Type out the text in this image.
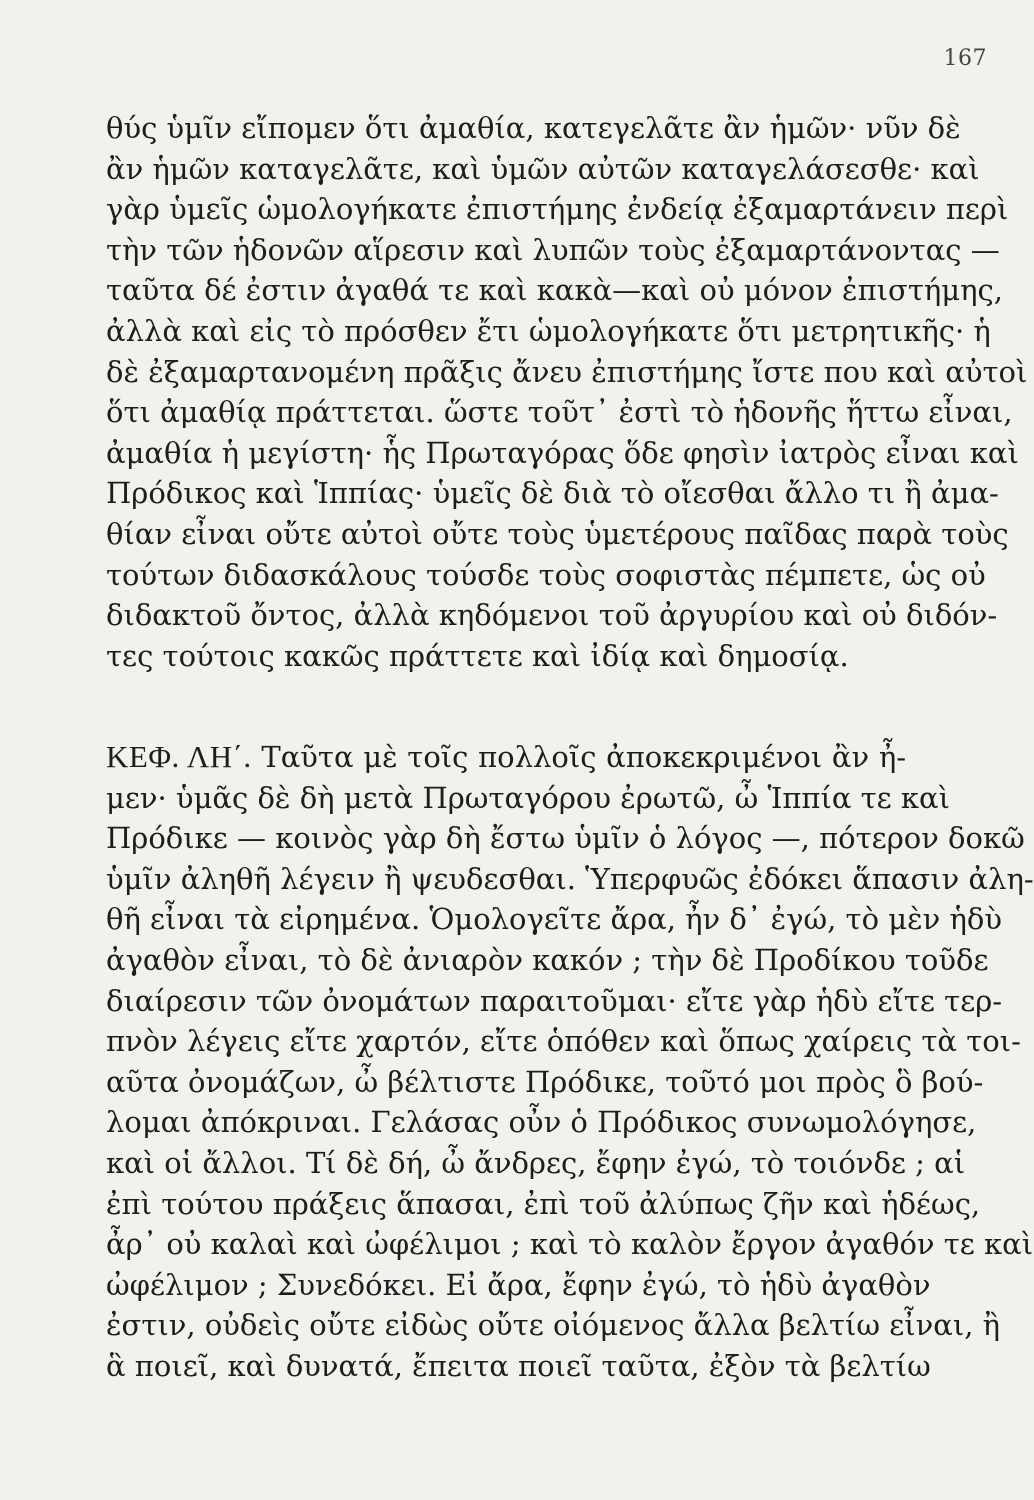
167
θύς ὑμῖν εἴπομεν ὅτι ἀμαθία, κατεγελᾶτε ἂν ἡμῶν· νῦν δὲ
ἂν ἡμῶν καταγελᾶτε, καὶ ὑμῶν αὐτῶν καταγελάσεσθε· καὶ
γὰρ ὑμεῖς ὡμολογήκατε ἐπιστήμης ἐνδείᾳ ἐξαμαρτάνειν περὶ
τὴν τῶν ἡδονῶν αἵρεσιν καὶ λυπῶν τοὺς ἐξαμαρτάνοντας —
ταῦτα δέ ἐστιν ἀγαθά τε καὶ κακὰ—καὶ οὐ μόνον ἐπιστήμης,
ἀλλὰ καὶ εἰς τὸ πρόσθεν ἔτι ὡμολογήκατε ὅτι μετρητικῆς· ἡ
δὲ ἐξαμαρτανομένη πρᾶξις ἄνευ ἐπιστήμης ἴστε που καὶ αὐτοὶ
ὅτι ἀμαθίᾳ πράττεται. ὥστε τοῦτ᾽ ἐστὶ τὸ ἡδονῆς ἥττω εἶναι,
ἀμαθία ἡ μεγίστη· ἧς Πρωταγόρας ὅδε φησὶν ἰατρὸς εἶναι καὶ
Πρόδικος καὶ Ἱππίας· ὑμεῖς δὲ διὰ τὸ οἴεσθαι ἄλλο τι ἢ ἀμα-
θίαν εἶναι οὔτε αὐτοὶ οὔτε τοὺς ὑμετέρους παῖδας παρὰ τοὺς
τούτων διδασκάλους τούσδε τοὺς σοφιστὰς πέμπετε, ὡς οὐ
διδακτοῦ ὄντος, ἀλλὰ κηδόμενοι τοῦ ἀργυρίου καὶ οὐ διδόν-
τες τούτοις κακῶς πράττετε καὶ ἰδίᾳ καὶ δημοσίᾳ.
ΚΕΦ. ΛΗ΄. Ταῦτα μὲ τοῖς πολλοῖς ἀποκεκριμένοι ἂν ἦ-
μεν· ὑμᾶς δὲ δὴ μετὰ Πρωταγόρου ἐρωτῶ, ὦ Ἱππία τε καὶ
Πρόδικε — κοινὸς γὰρ δὴ ἔστω ὑμῖν ὁ λόγος —, πότερον δοκῶ
ὑμῖν ἀληθῆ λέγειν ἢ ψευδεσθαι. Ὑπερφυῶς ἐδόκει ἅπασιν ἀλη-
θῆ εἶναι τὰ εἰρημένα. Ὁμολογεῖτε ἄρα, ἦν δ᾽ ἐγώ, τὸ μὲν ἡδὺ
ἀγαθὸν εἶναι, τὸ δὲ ἀνιαρὸν κακόν ; τὴν δὲ Προδίκου τοῦδε
διαίρεσιν τῶν ὀνομάτων παραιτοῦμαι· εἴτε γὰρ ἡδὺ εἴτε τερ-
πνὸν λέγεις εἴτε χαρτόν, εἴτε ὁπόθεν καὶ ὅπως χαίρεις τὰ τοι-
αῦτα ὀνομάζων, ὦ βέλτιστε Πρόδικε, τοῦτό μοι πρὸς ὃ βού-
λομαι ἀπόκριναι. Γελάσας οὖν ὁ Πρόδικος συνωμολόγησε,
καὶ οἱ ἄλλοι. Τί δὲ δή, ὦ ἄνδρες, ἔφην ἐγώ, τὸ τοιόνδε ; αἱ
ἐπὶ τούτου πράξεις ἅπασαι, ἐπὶ τοῦ ἀλύπως ζῆν καὶ ἡδέως,
ἆρ᾽ οὐ καλαὶ καὶ ὠφέλιμοι ; καὶ τὸ καλὸν ἔργον ἀγαθόν τε καὶ
ὠφέλιμον ; Συνεδόκει. Εἰ ἄρα, ἔφην ἐγώ, τὸ ἡδὺ ἀγαθὸν
ἐστιν, οὐδεὶς οὔτε εἰδὼς οὔτε οἰόμενος ἄλλα βελτίω εἶναι, ἢ
ἃ ποιεῖ, καὶ δυνατά, ἔπειτα ποιεῖ ταῦτα, ἐξὸν τὰ βελτίω
